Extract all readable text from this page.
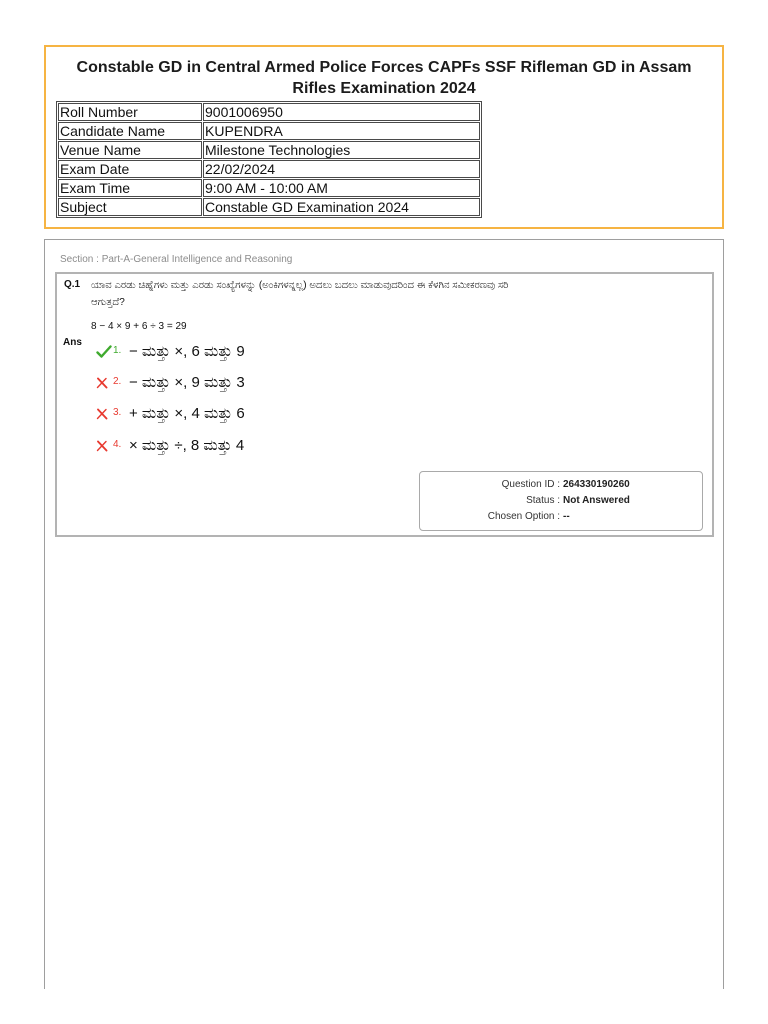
Constable GD in Central Armed Police Forces CAPFs SSF Rifleman GD in Assam Rifles Examination 2024
Roll Number	9001006950
Candidate Name	KUPENDRA
Venue Name	Milestone Technologies
Exam Date	22/02/2024
Exam Time	9:00 AM - 10:00 AM
Subject	Constable GD Examination 2024
Section : Part-A-General Intelligence and Reasoning
Q.1 ಯಾವ ಎರಡು ಚಿಹ್ನೆಗಳು ಮತ್ತು ಎರಡು ಸಂಖ್ಯೆಗಳನ್ನು (ಅಂಕಿಗಳನ್ನಲ್ಲ) ಅದಲು ಬದಲು ಮಾಡುವುದರಿಂದ ಈ ಕೆಳಗಿನ ಸಮೀಕರಣವು ಸರಿ ಆಗುತ್ತದೆ?
8 − 4 × 9 + 6 ÷ 3 = 29
Ans
1. − ಮತ್ತು ×, 6 ಮತ್ತು 9
2. − ಮತ್ತು ×, 9 ಮತ್ತು 3
3. + ಮತ್ತು ×, 4 ಮತ್ತು 6
4. × ಮತ್ತು ÷, 8 ಮತ್ತು 4
Question ID : 264330190260
Status : Not Answered
Chosen Option : --
